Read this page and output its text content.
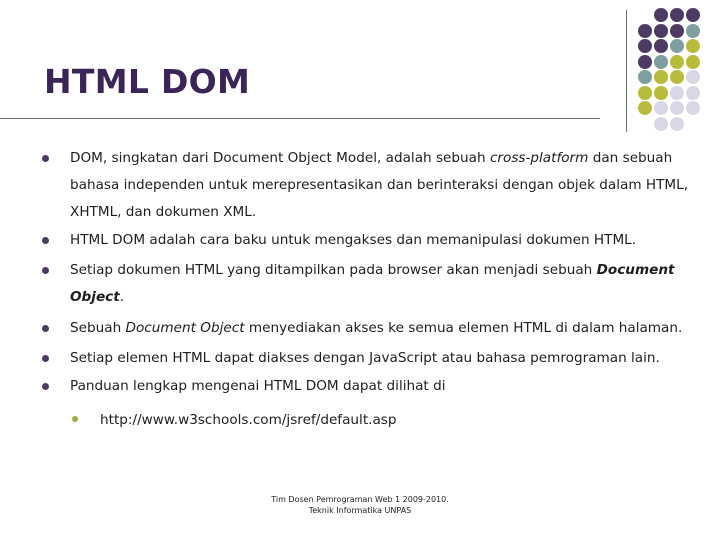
HTML DOM
DOM, singkatan dari Document Object Model, adalah sebuah cross-platform dan sebuah
bahasa independen untuk merepresentasikan dan berinteraksi dengan objek dalam HTML,
XHTML, dan dokumen XML.
HTML DOM adalah cara baku untuk mengakses dan memanipulasi dokumen HTML.
Setiap dokumen HTML yang ditampilkan pada browser akan menjadi sebuah Document
Object.
Sebuah Document Object menyediakan akses ke semua elemen HTML di dalam halaman.
Setiap elemen HTML dapat diakses dengan JavaScript atau bahasa pemrograman lain.
Panduan lengkap mengenai HTML DOM dapat dilihat di
http://www.w3schools.com/jsref/default.asp
Tim Dosen Pemrograman Web 1 2009-2010.
Teknik Informatika UNPAS
